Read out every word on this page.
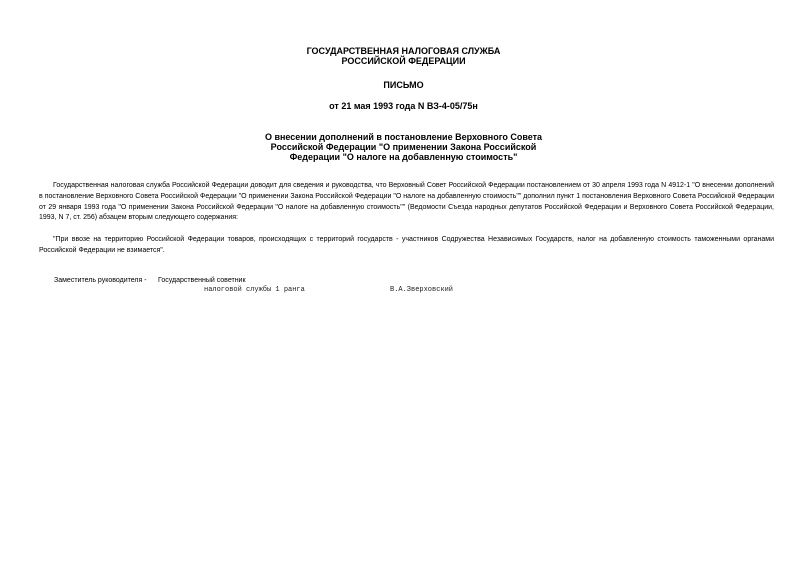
ГОСУДАРСТВЕННАЯ НАЛОГОВАЯ СЛУЖБА
РОССИЙСКОЙ ФЕДЕРАЦИИ
ПИСЬМО
от 21 мая 1993 года N ВЗ-4-05/75н
О внесении дополнений в постановление Верховного Совета
Российской Федерации "О применении Закона Российской
Федерации "О налоге на добавленную стоимость"
Государственная налоговая служба Российской Федерации доводит для сведения и руководства, что Верховный Совет Российской Федерации постановлением от 30 апреля 1993 года N 4912-1 "О внесении дополнений в постановление Верховного Совета Российской Федерации "О применении Закона Российской Федерации "О налоге на добавленную стоимость"" дополнил пункт 1 постановления Верховного Совета Российской Федерации от 29 января 1993 года "О применении Закона Российской Федерации "О налоге на добавленную стоимость"" (Ведомости Съезда народных депутатов Российской Федерации и Верховного Совета Российской Федерации, 1993, N 7, ст. 256) абзацем вторым следующего содержания:
"При ввозе на территорию Российской Федерации товаров, происходящих с территорий государств - участников Содружества Независимых Государств, налог на добавленную стоимость таможенными органами Российской Федерации не взимается".
Заместитель руководителя - Государственный советник
налоговой службы 1 ранга	В.А.Зверховский
